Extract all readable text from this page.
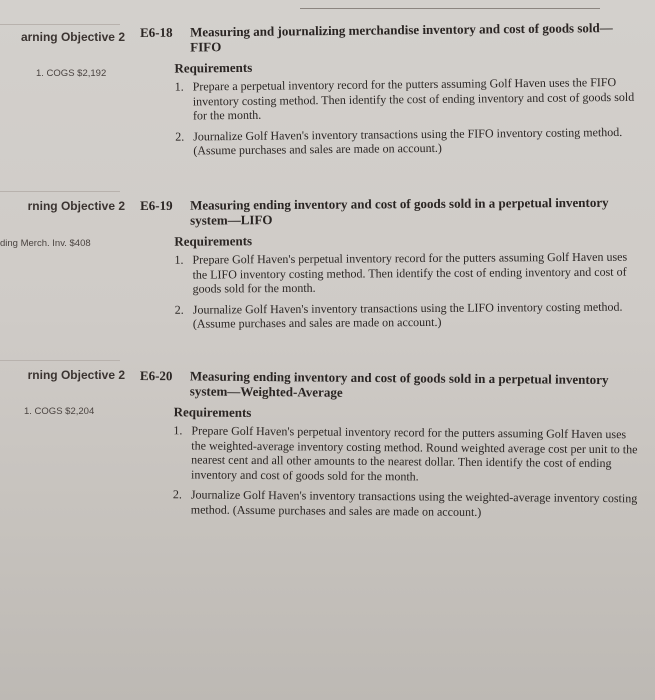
arning Objective 2
1. COGS $2,192
rning Objective 2
ding Merch. Inv. $408
rning Objective 2
1. COGS $2,204
E6-18 Measuring and journalizing merchandise inventory and cost of goods sold—FIFO
Requirements
1. Prepare a perpetual inventory record for the putters assuming Golf Haven uses the FIFO inventory costing method. Then identify the cost of ending inventory and cost of goods sold for the month.
2. Journalize Golf Haven's inventory transactions using the FIFO inventory costing method. (Assume purchases and sales are made on account.)
E6-19 Measuring ending inventory and cost of goods sold in a perpetual inventory system—LIFO
Requirements
1. Prepare Golf Haven's perpetual inventory record for the putters assuming Golf Haven uses the LIFO inventory costing method. Then identify the cost of ending inventory and cost of goods sold for the month.
2. Journalize Golf Haven's inventory transactions using the LIFO inventory costing method. (Assume purchases and sales are made on account.)
E6-20 Measuring ending inventory and cost of goods sold in a perpetual inventory system—Weighted-Average
Requirements
1. Prepare Golf Haven's perpetual inventory record for the putters assuming Golf Haven uses the weighted-average inventory costing method. Round weighted average cost per unit to the nearest cent and all other amounts to the nearest dollar. Then identify the cost of ending inventory and cost of goods sold for the month.
2. Journalize Golf Haven's inventory transactions using the weighted-average inventory costing method. (Assume purchases and sales are made on account.)
